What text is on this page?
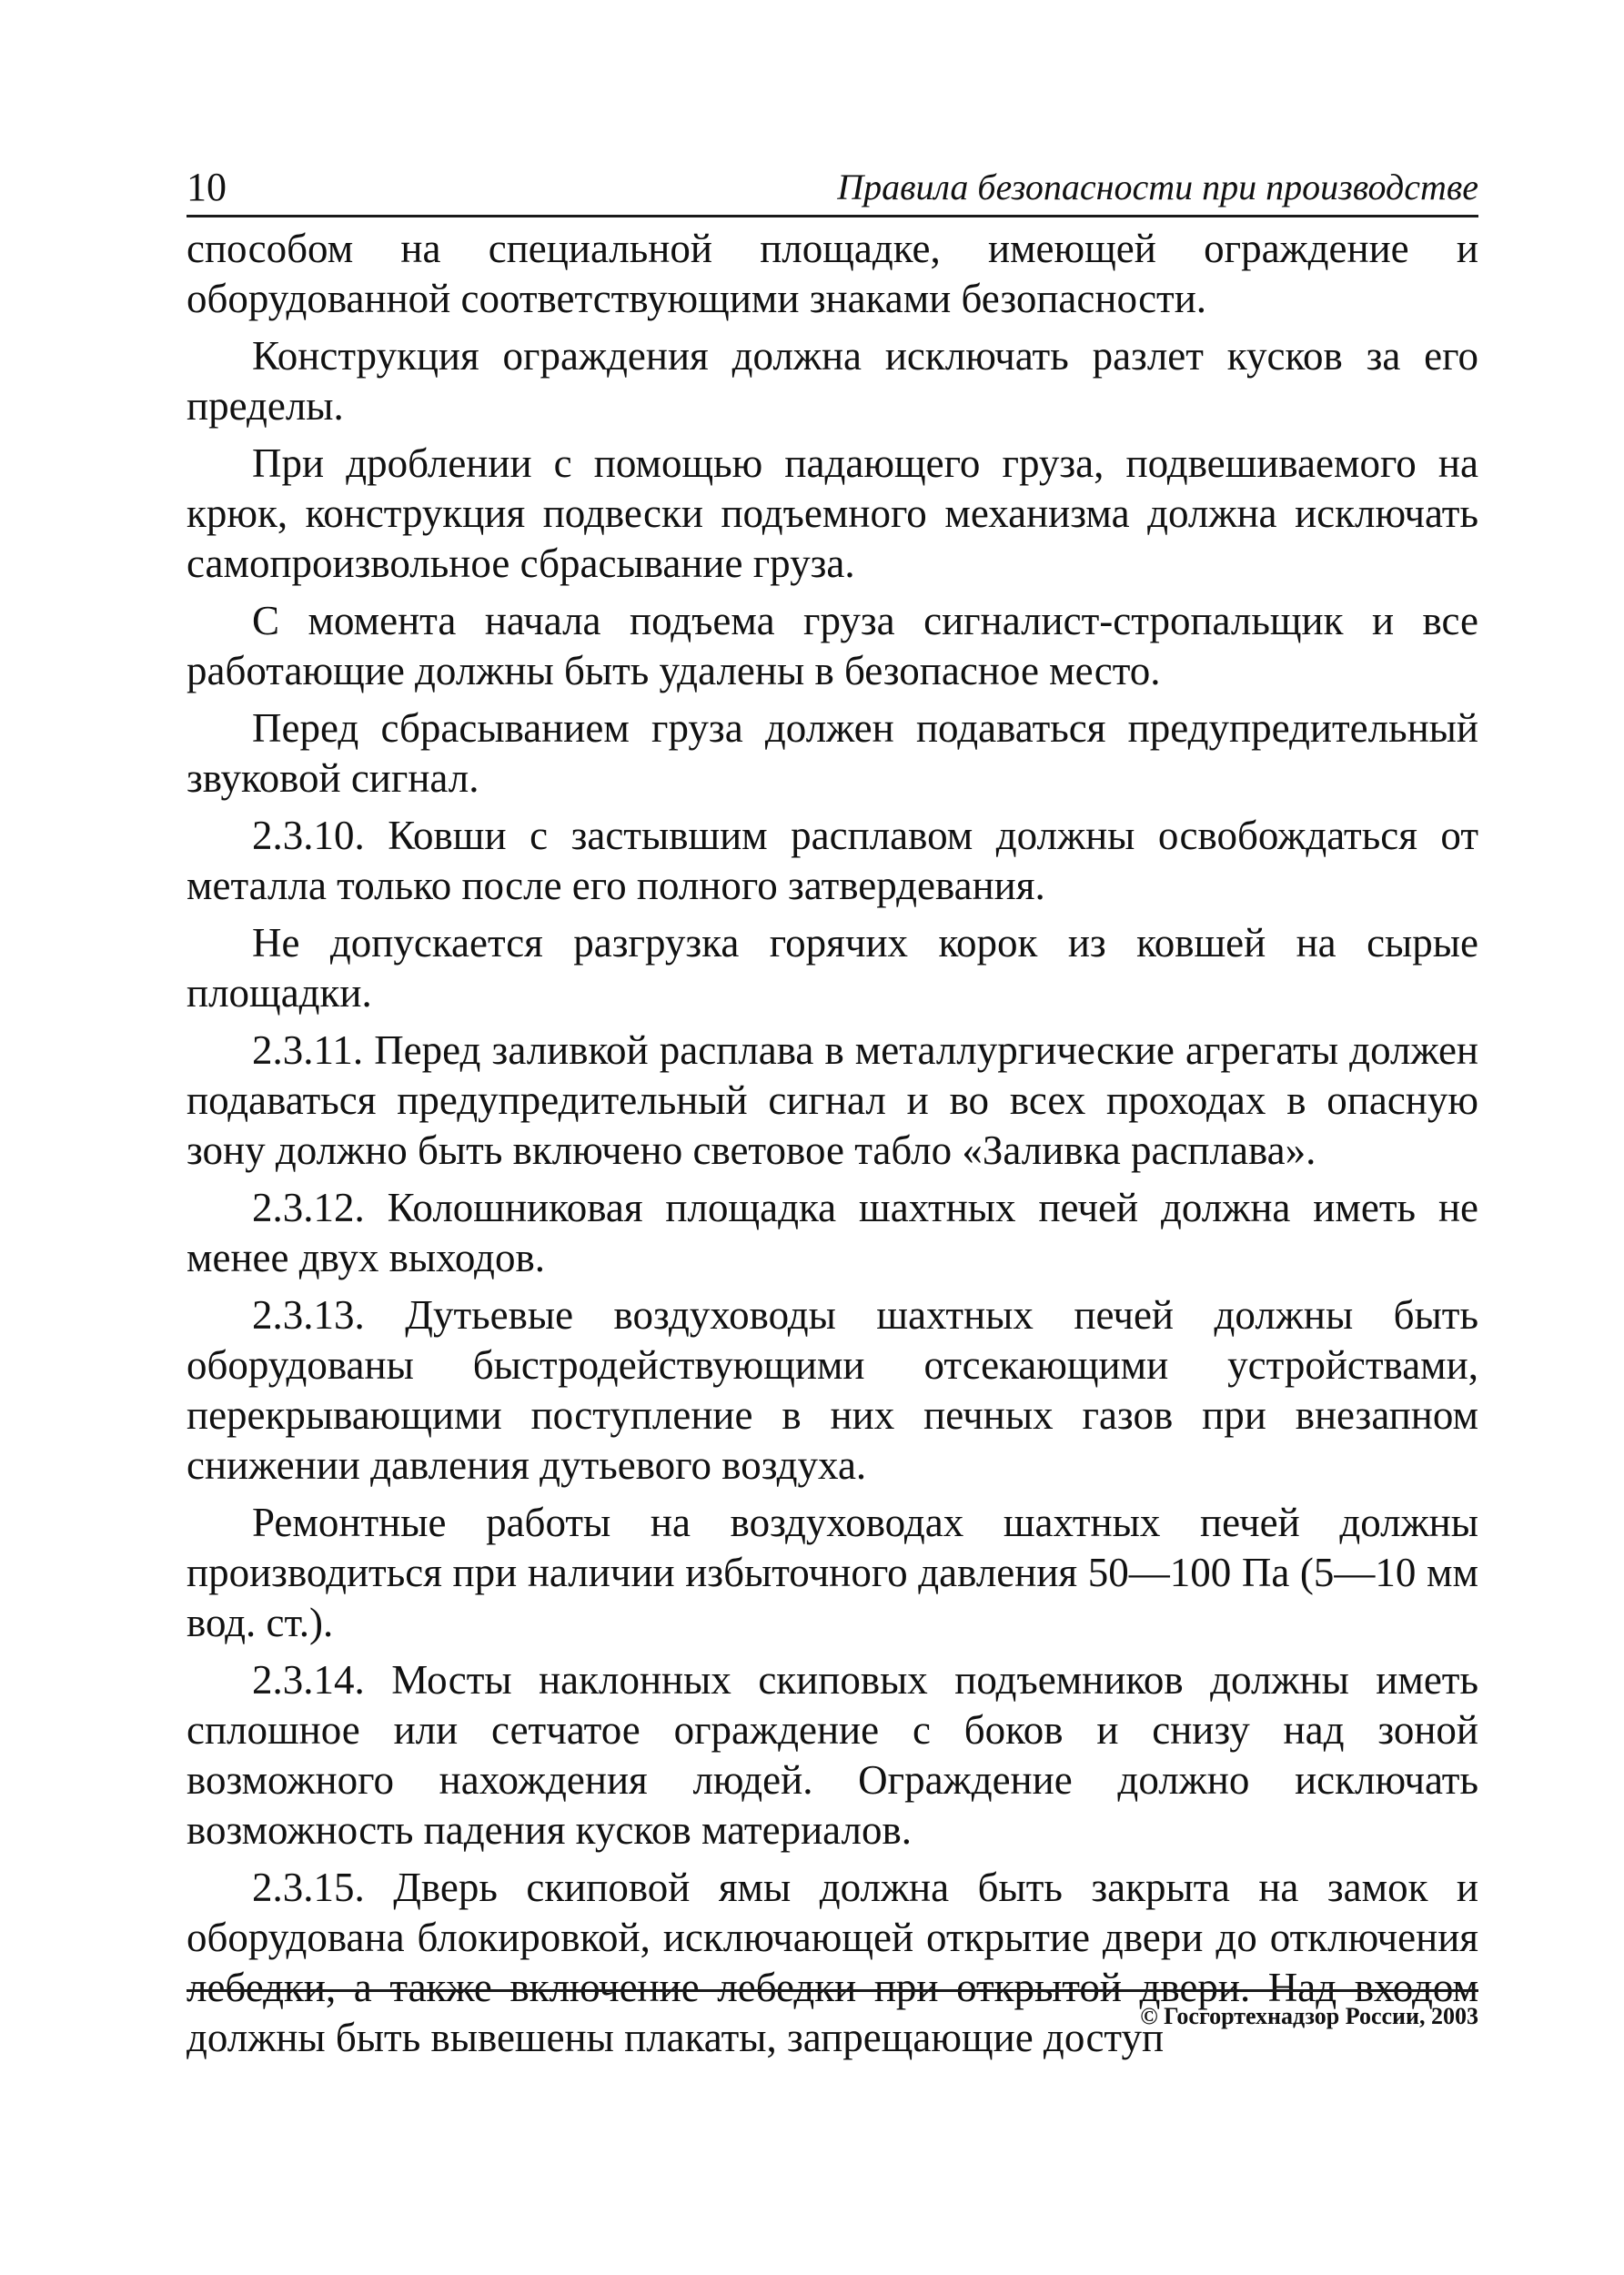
10	Правила безопасности при производстве

способом на специальной площадке, имеющей ограждение и оборудованной соответствующими знаками безопасности.

Конструкция ограждения должна исключать разлет кусков за его пределы.

При дроблении с помощью падающего груза, подвешиваемого на крюк, конструкция подвески подъемного механизма должна исключать самопроизвольное сбрасывание груза.

С момента начала подъема груза сигналист-стропальщик и все работающие должны быть удалены в безопасное место.

Перед сбрасыванием груза должен подаваться предупредительный звуковой сигнал.

2.3.10. Ковши с застывшим расплавом должны освобождаться от металла только после его полного затвердевания.

Не допускается разгрузка горячих корок из ковшей на сырые площадки.

2.3.11. Перед заливкой расплава в металлургические агрегаты должен подаваться предупредительный сигнал и во всех проходах в опасную зону должно быть включено световое табло «Заливка расплава».

2.3.12. Колошниковая площадка шахтных печей должна иметь не менее двух выходов.

2.3.13. Дутьевые воздуховоды шахтных печей должны быть оборудованы быстродействующими отсекающими устройствами, перекрывающими поступление в них печных газов при внезапном снижении давления дутьевого воздуха.

Ремонтные работы на воздуховодах шахтных печей должны производиться при наличии избыточного давления 50—100 Па (5—10 мм вод. ст.).

2.3.14. Мосты наклонных скиповых подъемников должны иметь сплошное или сетчатое ограждение с боков и снизу над зоной возможного нахождения людей. Ограждение должно исключать возможность падения кусков материалов.

2.3.15. Дверь скиповой ямы должна быть закрыта на замок и оборудована блокировкой, исключающей открытие двери до отключения лебедки, а также включение лебедки при открытой двери. Над входом должны быть вывешены плакаты, запрещающие доступ

© Госгортехнадзор России, 2003
